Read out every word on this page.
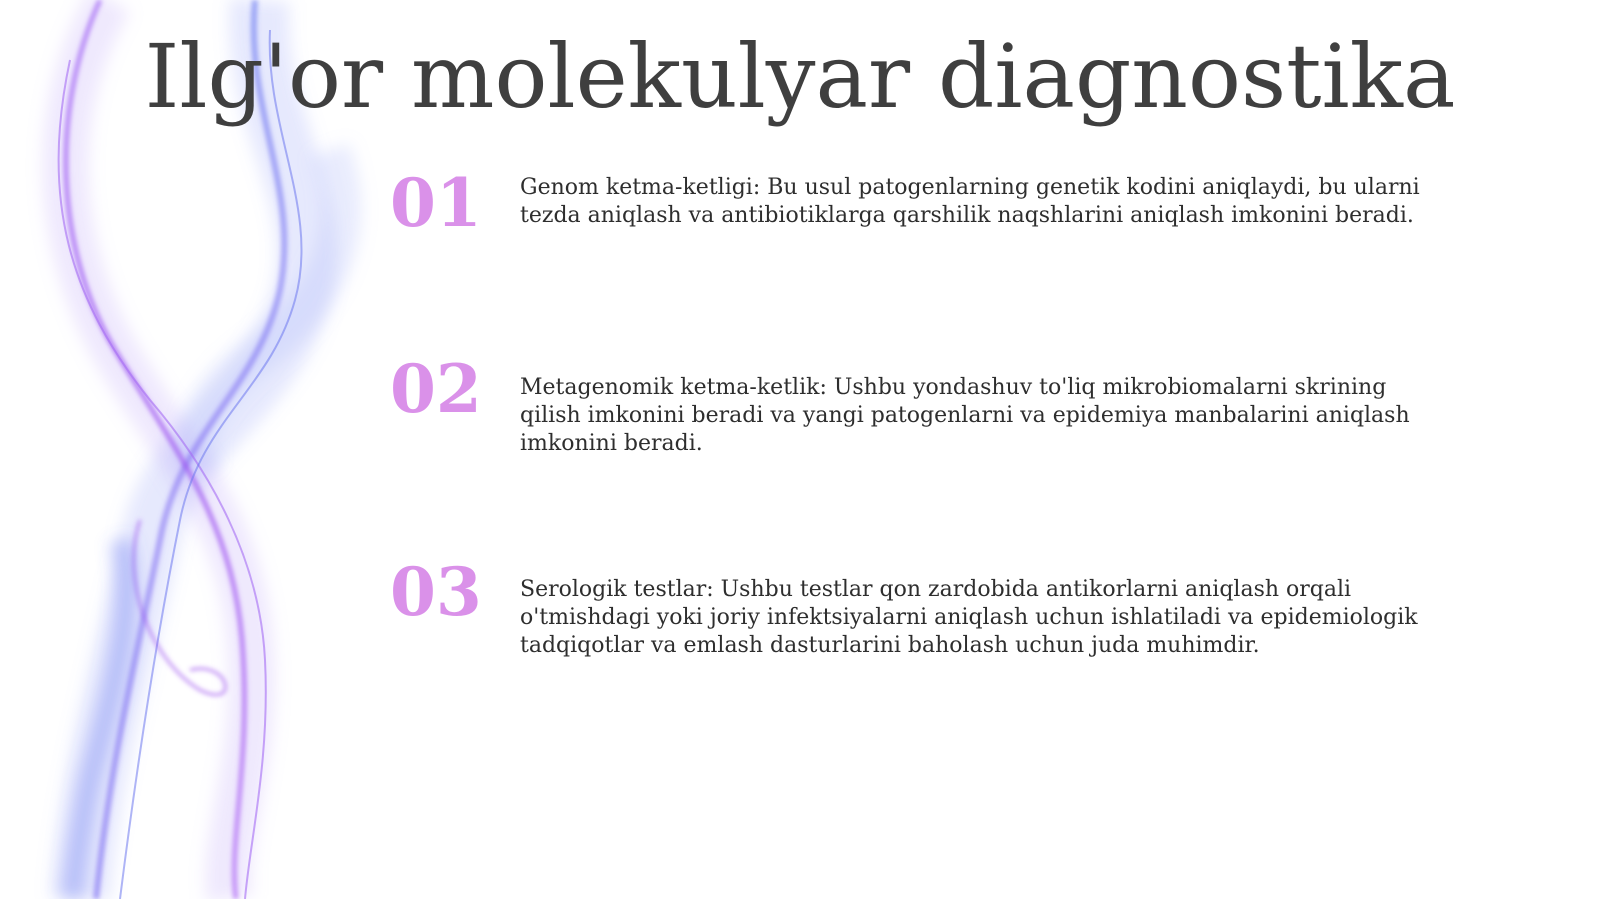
Ilg'or molekulyar diagnostika
01 Genom ketma-ketligi: Bu usul patogenlarning genetik kodini aniqlaydi, bu ularni tezda aniqlash va antibiotiklarga qarshilik naqshlarini aniqlash imkonini beradi.
02 Metagenomik ketma-ketlik: Ushbu yondashuv to'liq mikrobiomalarni skrining qilish imkonini beradi va yangi patogenlarni va epidemiya manbalarini aniqlash imkonini beradi.
03 Serologik testlar: Ushbu testlar qon zardobida antikorlarni aniqlash orqali o'tmishdagi yoki joriy infektsiyalarni aniqlash uchun ishlatiladi va epidemiologik tadqiqotlar va emlash dasturlarini baholash uchun juda muhimdir.
